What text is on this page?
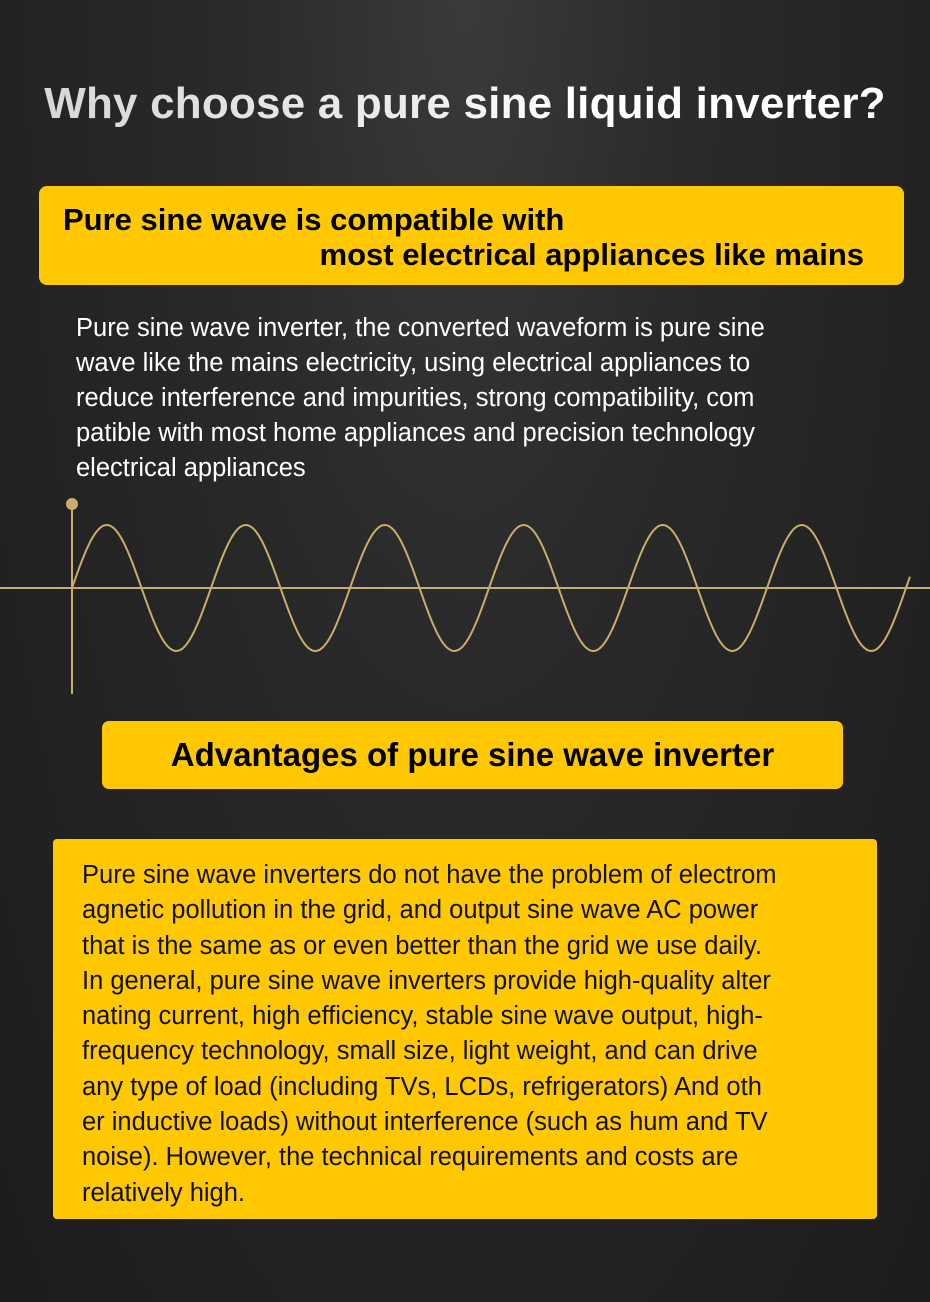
Why choose a pure sine liquid inverter?
Pure sine wave is compatible with
most electrical appliances like mains

Pure sine wave inverter, the converted waveform is pure sine
wave like the mains electricity, using electrical appliances to
reduce interference and impurities, strong compatibility, com
patible with most home appliances and precision technology
electrical appliances

Advantages of pure sine wave inverter

Pure sine wave inverters do not have the problem of electrom
agnetic pollution in the grid, and output sine wave AC power
that is the same as or even better than the grid we use daily.
In general, pure sine wave inverters provide high-quality alter
nating current, high efficiency, stable sine wave output, high-
frequency technology, small size, light weight, and can drive
any type of load (including TVs, LCDs, refrigerators) And oth
er inductive loads) without interference (such as hum and TV
noise). However, the technical requirements and costs are
relatively high.
